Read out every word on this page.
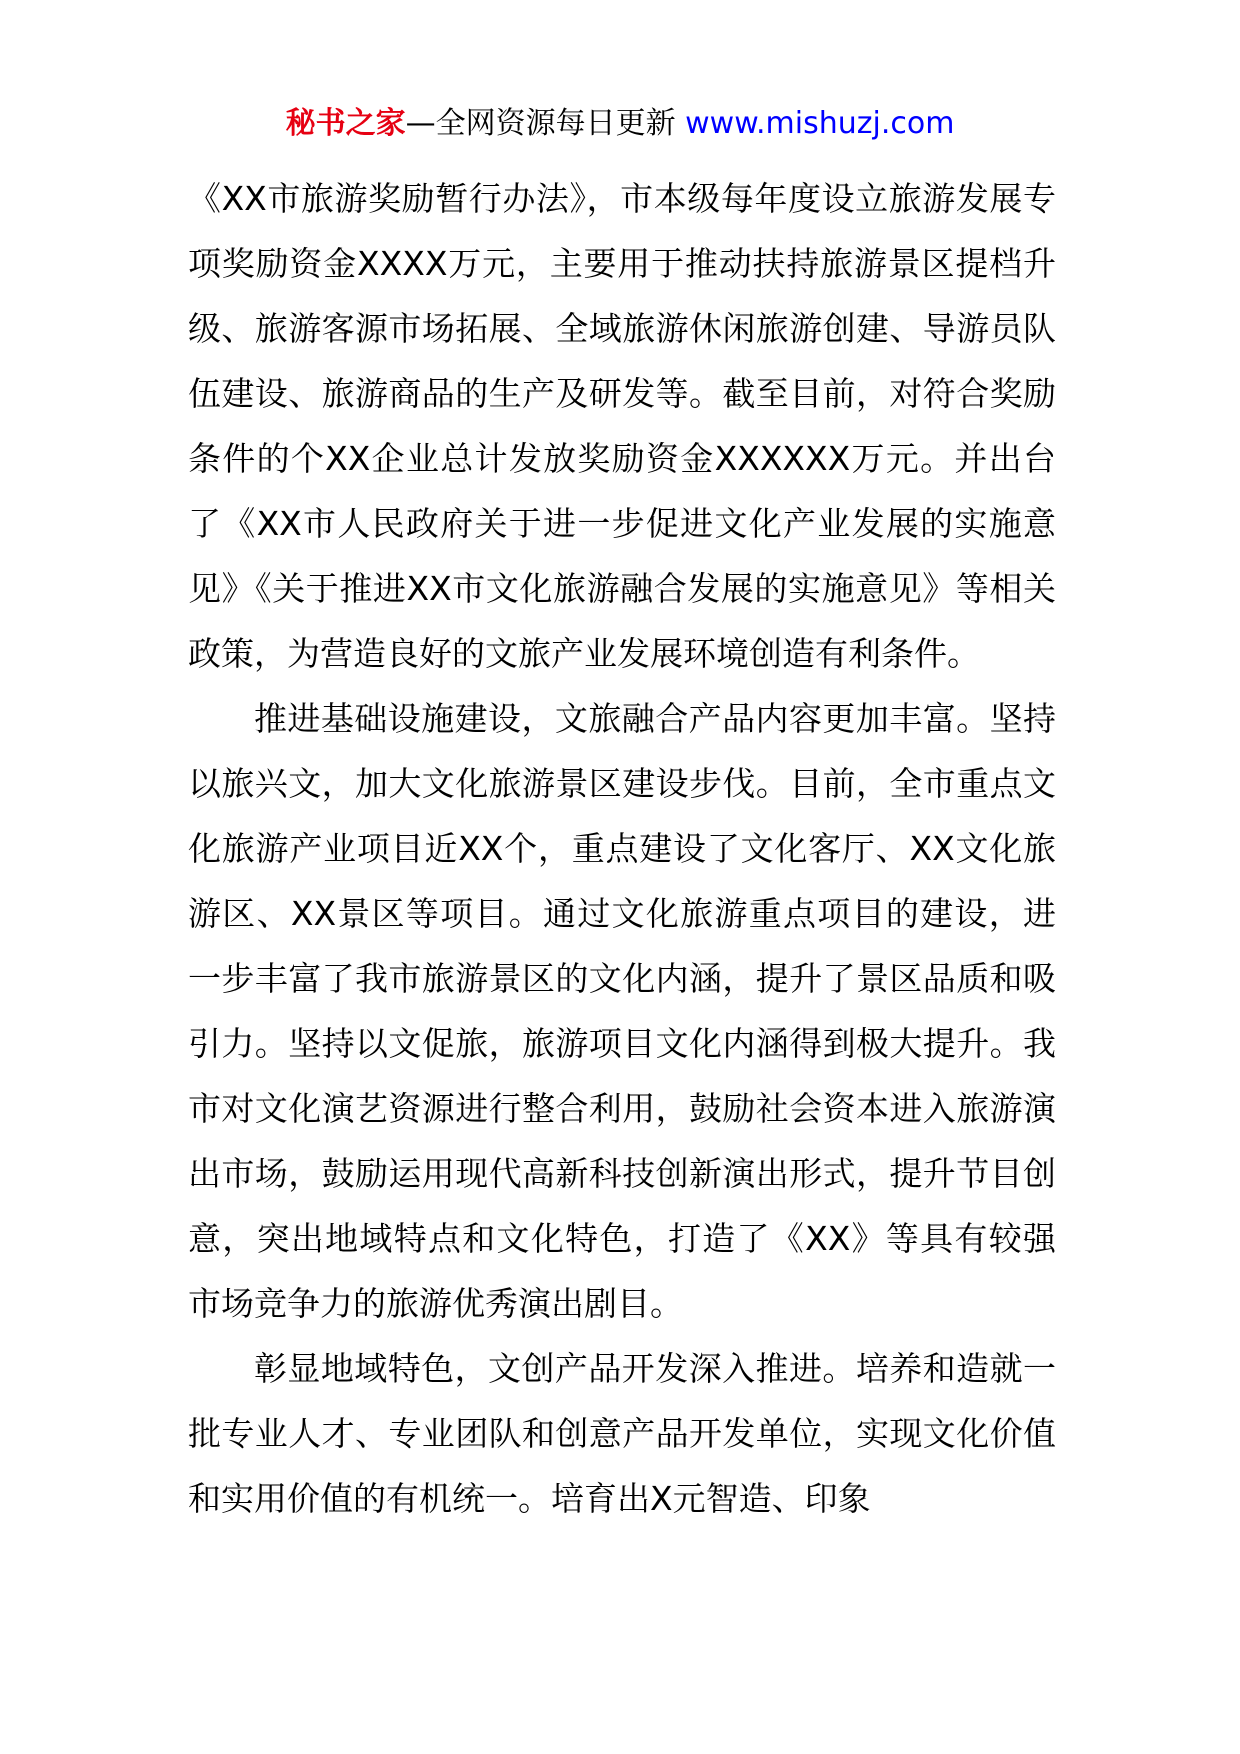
秘书之家—全网资源每日更新 www.mishuzj.com

《XX市旅游奖励暂行办法》，市本级每年度设立旅游发展专项奖励资金XXXX万元，主要用于推动扶持旅游景区提档升级、旅游客源市场拓展、全域旅游休闲旅游创建、导游员队伍建设、旅游商品的生产及研发等。截至目前，对符合奖励条件的个XX企业总计发放奖励资金XXXXXX万元。并出台了《XX市人民政府关于进一步促进文化产业发展的实施意见》《关于推进XX市文化旅游融合发展的实施意见》等相关政策，为营造良好的文旅产业发展环境创造有利条件。

推进基础设施建设，文旅融合产品内容更加丰富。坚持以旅兴文，加大文化旅游景区建设步伐。目前，全市重点文化旅游产业项目近XX个，重点建设了文化客厅、XX文化旅游区、XX景区等项目。通过文化旅游重点项目的建设，进一步丰富了我市旅游景区的文化内涵，提升了景区品质和吸引力。坚持以文促旅，旅游项目文化内涵得到极大提升。我市对文化演艺资源进行整合利用，鼓励社会资本进入旅游演出市场，鼓励运用现代高新科技创新演出形式，提升节目创意，突出地域特点和文化特色，打造了《XX》等具有较强市场竞争力的旅游优秀演出剧目。

彰显地域特色，文创产品开发深入推进。培养和造就一批专业人才、专业团队和创意产品开发单位，实现文化价值和实用价值的有机统一。培育出X元智造、印象
